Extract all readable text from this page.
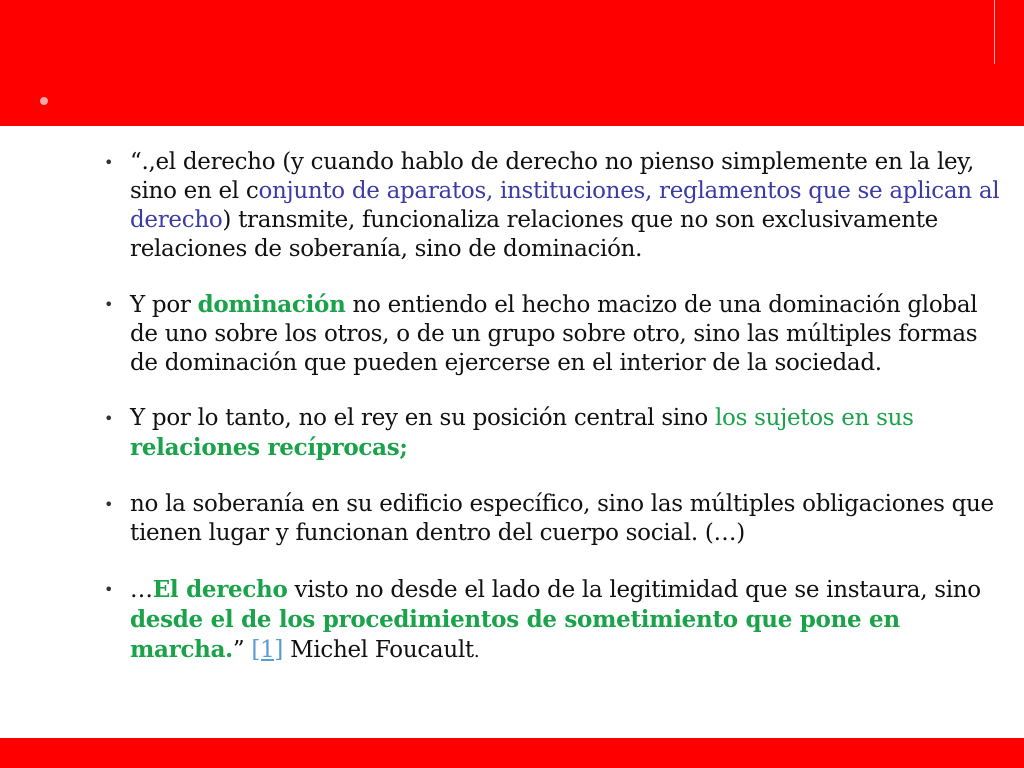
• “.,el derecho (y cuando hablo de derecho no pienso simplemente en la ley, sino en el conjunto de aparatos, instituciones, reglamentos que se aplican al derecho) transmite, funcionaliza relaciones que no son exclusivamente relaciones de soberanía, sino de dominación.
• Y por dominación no entiendo el hecho macizo de una dominación global de uno sobre los otros, o de un grupo sobre otro, sino las múltiples formas de dominación que pueden ejercerse en el interior de la sociedad.
• Y por lo tanto, no el rey en su posición central sino los sujetos en sus relaciones recíprocas;
• no la soberanía en su edificio específico, sino las múltiples obligaciones que tienen lugar y funcionan dentro del cuerpo social. (…)
• …El derecho visto no desde el lado de la legitimidad que se instaura, sino desde el de los procedimientos de sometimiento que pone en marcha.” [1] Michel Foucault.
